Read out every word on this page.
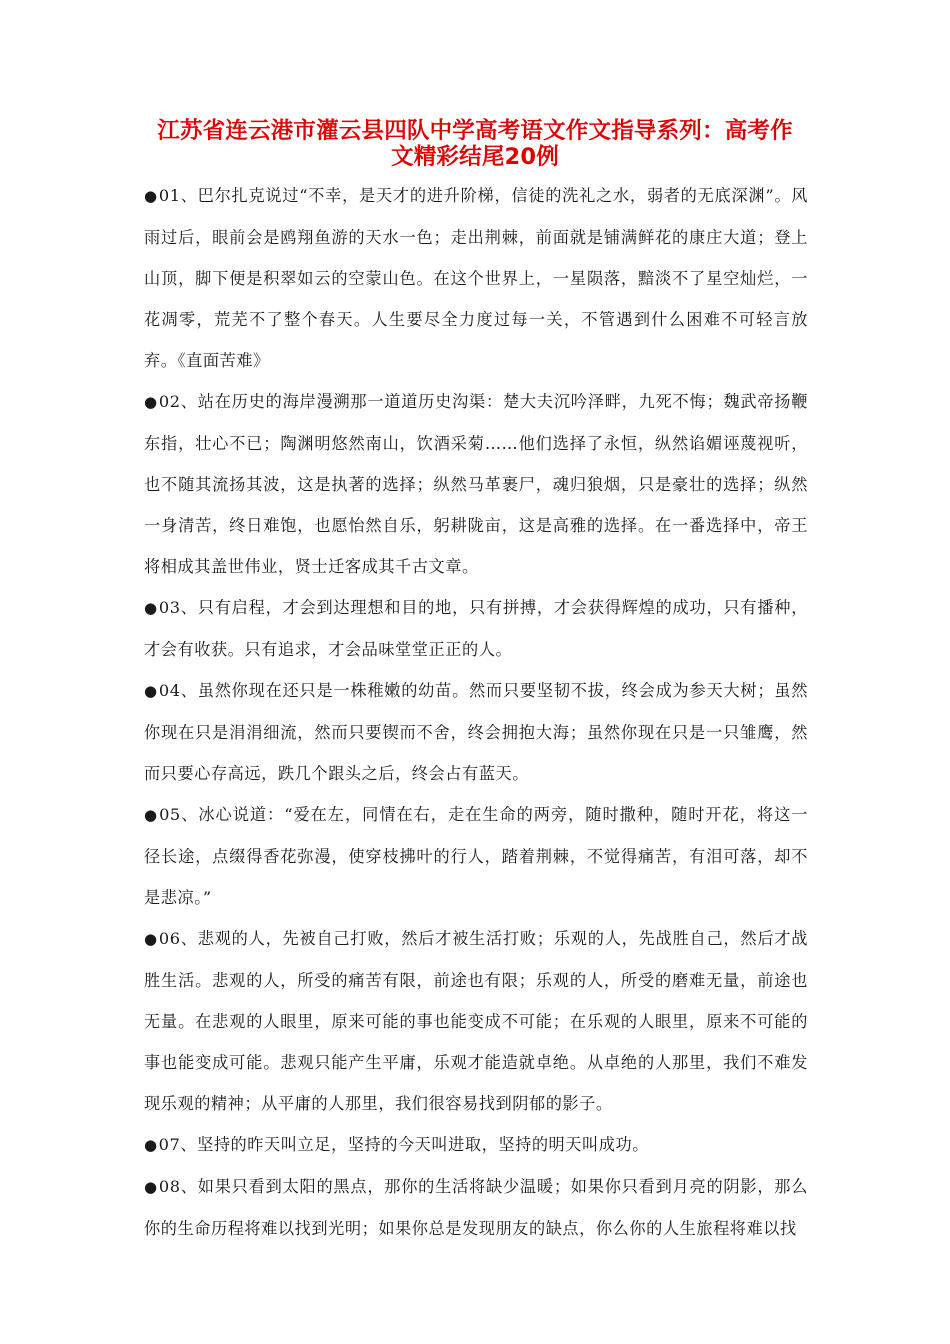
江苏省连云港市灌云县四队中学高考语文作文指导系列：高考作文精彩结尾20例

●01、巴尔扎克说过“不幸，是天才的进升阶梯，信徒的洗礼之水，弱者的无底深渊”。风雨过后，眼前会是鸥翔鱼游的天水一色；走出荆棘，前面就是铺满鲜花的康庄大道；登上山顶，脚下便是积翠如云的空蒙山色。在这个世界上，一星陨落，黯淡不了星空灿烂，一花凋零，荒芜不了整个春天。人生要尽全力度过每一关，不管遇到什么困难不可轻言放弃。《直面苦难》

●02、站在历史的海岸漫溯那一道道历史沟渠：楚大夫沉吟泽畔，九死不悔；魏武帝扬鞭东指，壮心不已；陶渊明悠然南山，饮酒采菊……他们选择了永恒，纵然谄媚诬蔑视听，也不随其流扬其波，这是执著的选择；纵然马革裹尸，魂归狼烟，只是豪壮的选择；纵然一身清苦，终日难饱，也愿怡然自乐，躬耕陇亩，这是高雅的选择。在一番选择中，帝王将相成其盖世伟业，贤士迁客成其千古文章。

●03、只有启程，才会到达理想和目的地，只有拼搏，才会获得辉煌的成功，只有播种，才会有收获。只有追求，才会品味堂堂正正的人。

●04、虽然你现在还只是一株稚嫩的幼苗。然而只要坚韧不拔，终会成为参天大树；虽然你现在只是涓涓细流，然而只要锲而不舍，终会拥抱大海；虽然你现在只是一只雏鹰，然而只要心存高远，跌几个跟头之后，终会占有蓝天。

●05、冰心说道：“爱在左，同情在右，走在生命的两旁，随时撒种，随时开花，将这一径长途，点缀得香花弥漫，使穿枝拂叶的行人，踏着荆棘，不觉得痛苦，有泪可落，却不是悲凉。”

●06、悲观的人，先被自己打败，然后才被生活打败；乐观的人，先战胜自己，然后才战胜生活。悲观的人，所受的痛苦有限，前途也有限；乐观的人，所受的磨难无量，前途也无量。在悲观的人眼里，原来可能的事也能变成不可能；在乐观的人眼里，原来不可能的事也能变成可能。悲观只能产生平庸，乐观才能造就卓绝。从卓绝的人那里，我们不难发现乐观的精神；从平庸的人那里，我们很容易找到阴郁的影子。

●07、坚持的昨天叫立足，坚持的今天叫进取，坚持的明天叫成功。

●08、如果只看到太阳的黑点，那你的生活将缺少温暖；如果你只看到月亮的阴影，那么你的生命历程将难以找到光明；如果你总是发现朋友的缺点，你么你的人生旅程将难以找
